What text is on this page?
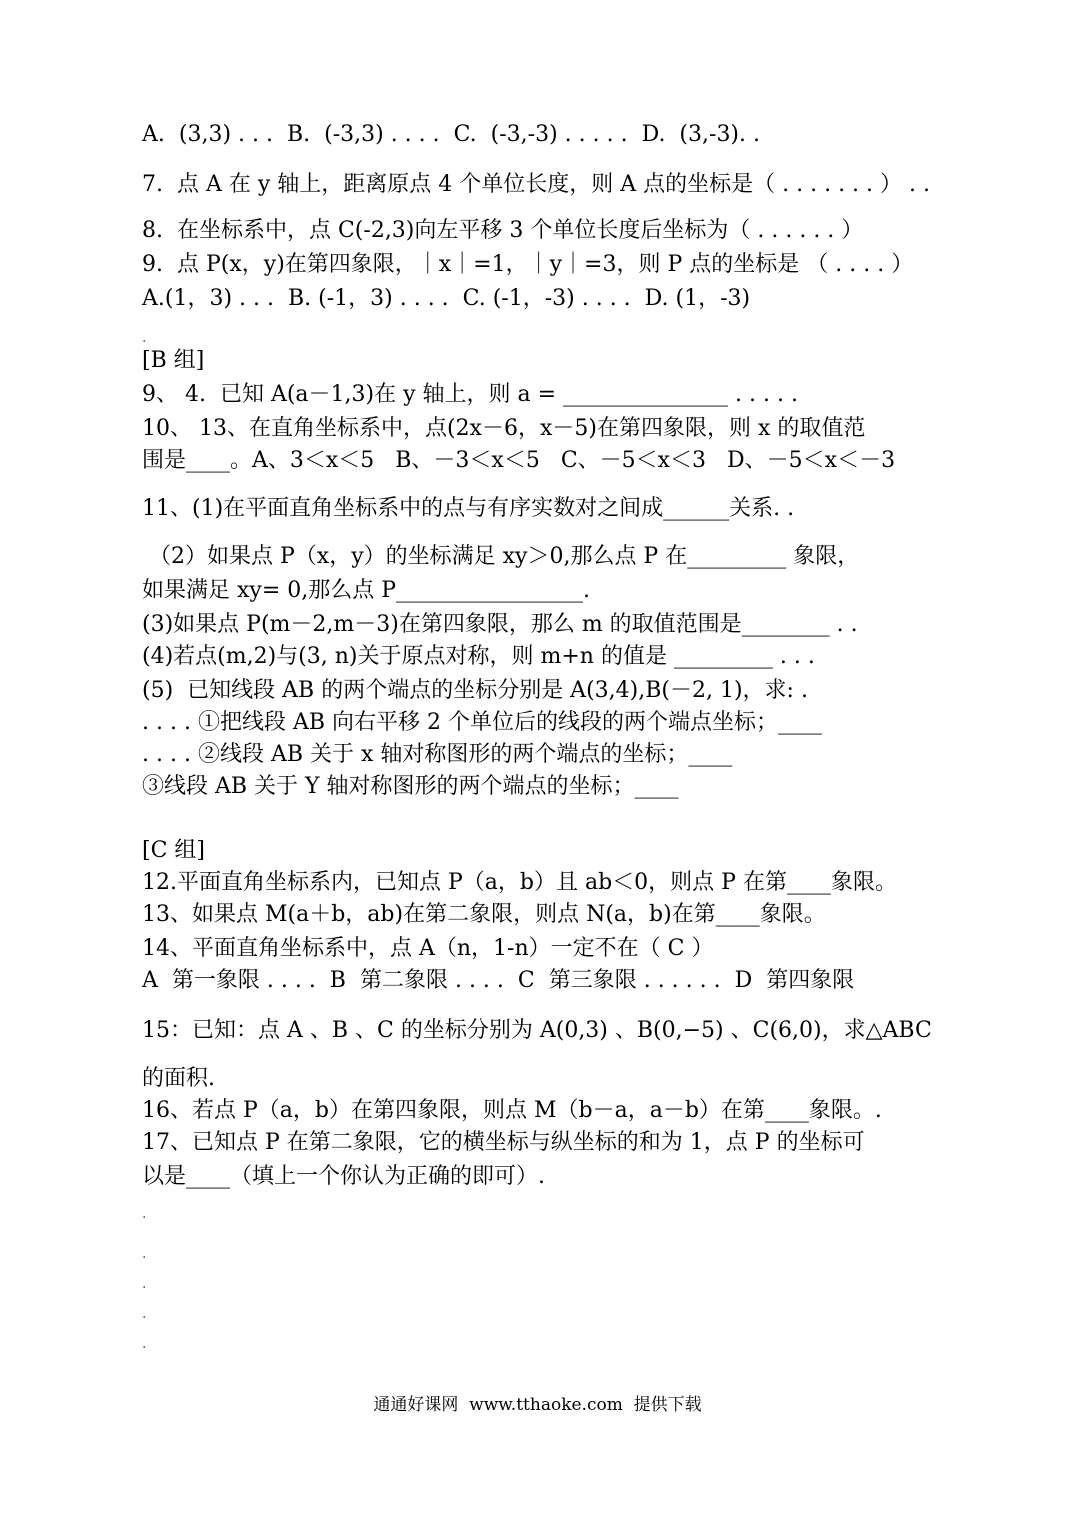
A.  (3,3) . . .  B.  (-3,3) . . . .  C.  (-3,-3) . . . . .  D.  (3,-3). .
7.  点 A 在 y 轴上，距离原点 4 个单位长度，则 A 点的坐标是（ . . . . . . . ） . .
8.  在坐标系中，点 C(-2,3)向左平移 3 个单位长度后坐标为（ . . . . . . ）
9.  点 P(x，y)在第四象限，｜x｜=1，｜y｜=3，则 P 点的坐标是 （ . . . . ）
A.(1，3) . . .  B. (-1，3) . . . .  C. (-1，-3) . . . .  D. (1，-3)
.
[B 组]
9、 4.  已知 A(a－1,3)在 y 轴上，则 a = _______________ . . . . .
10、 13、在直角坐标系中，点(2x－6，x－5)在第四象限，则 x 的取值范
围是____。A、3＜x＜5   B、－3＜x＜5   C、－5＜x＜3   D、－5＜x＜－3
11、(1)在平面直角坐标系中的点与有序实数对之间成______关系. .
（2）如果点 P（x，y）的坐标满足 xy＞0,那么点 P 在_________ 象限，
如果满足 xy= 0,那么点 P_________________.
(3)如果点 P(m－2,m－3)在第四象限，那么 m 的取值范围是________ . .
(4)若点(m,2)与(3, n)关于原点对称，则 m+n 的值是 _________ . . .
(5)  已知线段 AB 的两个端点的坐标分别是 A(3,4),B(－2, 1)，求: .
. . . . ①把线段 AB 向右平移 2 个单位后的线段的两个端点坐标；____
. . . . ②线段 AB 关于 x 轴对称图形的两个端点的坐标；____
③线段 AB 关于 Y 轴对称图形的两个端点的坐标；____
[C 组]
12.平面直角坐标系内，已知点 P（a，b）且 ab＜0，则点 P 在第____象限。
13、如果点 M(a＋b，ab)在第二象限，则点 N(a，b)在第____象限。
14、平面直角坐标系中，点 A（n，1-n）一定不在（ C ）
A  第一象限 . . . .  B  第二象限 . . . .  C  第三象限 . . . . . .  D  第四象限
15：已知：点 A 、B 、C 的坐标分别为 A(0,3) 、B(0,−5) 、C(6,0)，求△ABC
的面积.
16、若点 P（a，b）在第四象限，则点 M（b－a，a－b）在第____象限。.
17、已知点 P 在第二象限，它的横坐标与纵坐标的和为 1，点 P 的坐标可
以是____（填上一个你认为正确的即可）.
.
.
.
.
.
通通好课网  www.tthaoke.com  提供下载
